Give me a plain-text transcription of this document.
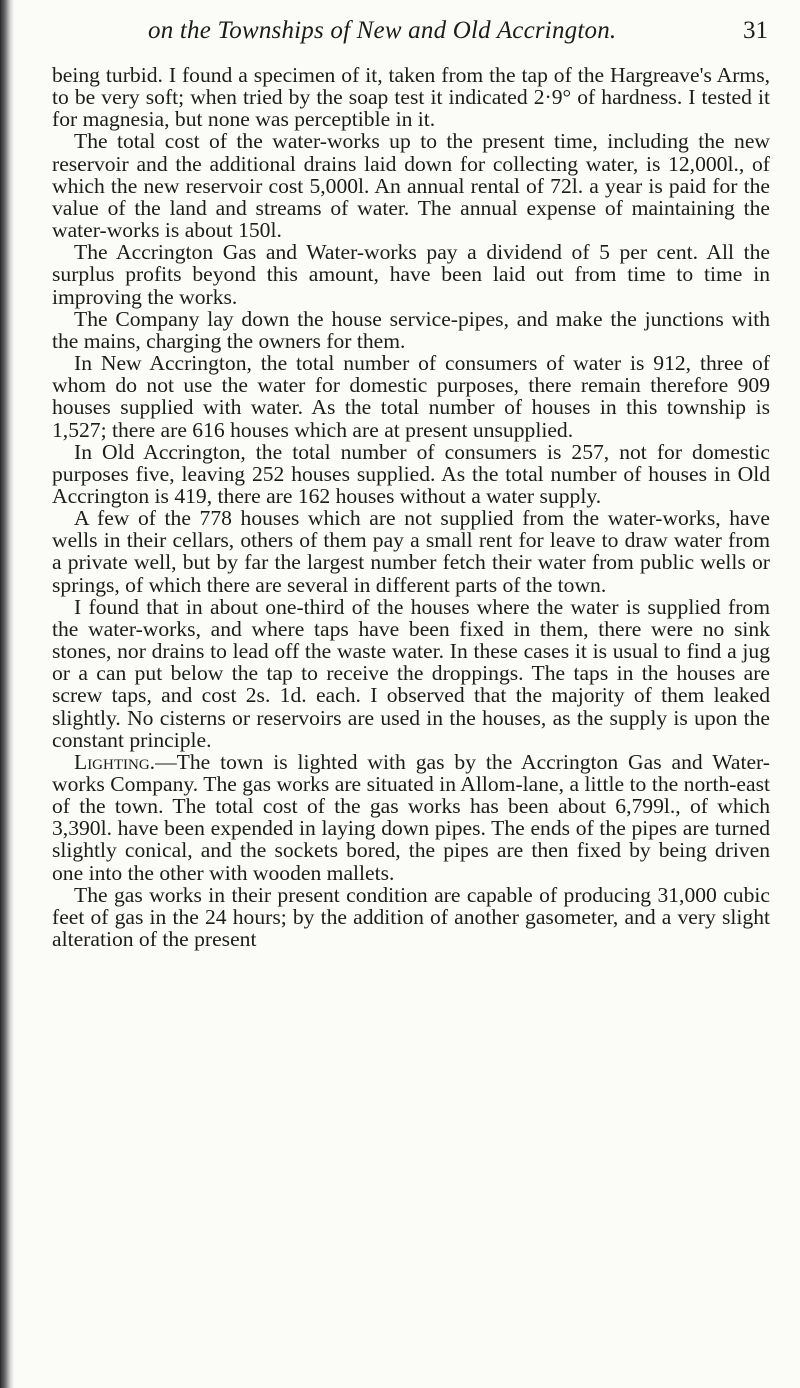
on the Townships of New and Old Accrington.	31

being turbid. I found a specimen of it, taken from the tap of the Hargreave's Arms, to be very soft; when tried by the soap test it indicated 2·9° of hardness. I tested it for magnesia, but none was perceptible in it.

The total cost of the water-works up to the present time, including the new reservoir and the additional drains laid down for collecting water, is 12,000l., of which the new reservoir cost 5,000l. An annual rental of 72l. a year is paid for the value of the land and streams of water. The annual expense of maintaining the water-works is about 150l.

The Accrington Gas and Water-works pay a dividend of 5 per cent. All the surplus profits beyond this amount, have been laid out from time to time in improving the works.

The Company lay down the house service-pipes, and make the junctions with the mains, charging the owners for them.

In New Accrington, the total number of consumers of water is 912, three of whom do not use the water for domestic purposes, there remain therefore 909 houses supplied with water. As the total number of houses in this township is 1,527; there are 616 houses which are at present unsupplied.

In Old Accrington, the total number of consumers is 257, not for domestic purposes five, leaving 252 houses supplied. As the total number of houses in Old Accrington is 419, there are 162 houses without a water supply.

A few of the 778 houses which are not supplied from the water-works, have wells in their cellars, others of them pay a small rent for leave to draw water from a private well, but by far the largest number fetch their water from public wells or springs, of which there are several in different parts of the town.

I found that in about one-third of the houses where the water is supplied from the water-works, and where taps have been fixed in them, there were no sink stones, nor drains to lead off the waste water. In these cases it is usual to find a jug or a can put below the tap to receive the droppings. The taps in the houses are screw taps, and cost 2s. 1d. each. I observed that the majority of them leaked slightly. No cisterns or reservoirs are used in the houses, as the supply is upon the constant principle.

Lighting.—The town is lighted with gas by the Accrington Gas and Water-works Company. The gas works are situated in Allom-lane, a little to the north-east of the town. The total cost of the gas works has been about 6,799l., of which 3,390l. have been expended in laying down pipes. The ends of the pipes are turned slightly conical, and the sockets bored, the pipes are then fixed by being driven one into the other with wooden mallets.

The gas works in their present condition are capable of producing 31,000 cubic feet of gas in the 24 hours; by the addition of another gasometer, and a very slight alteration of the present
